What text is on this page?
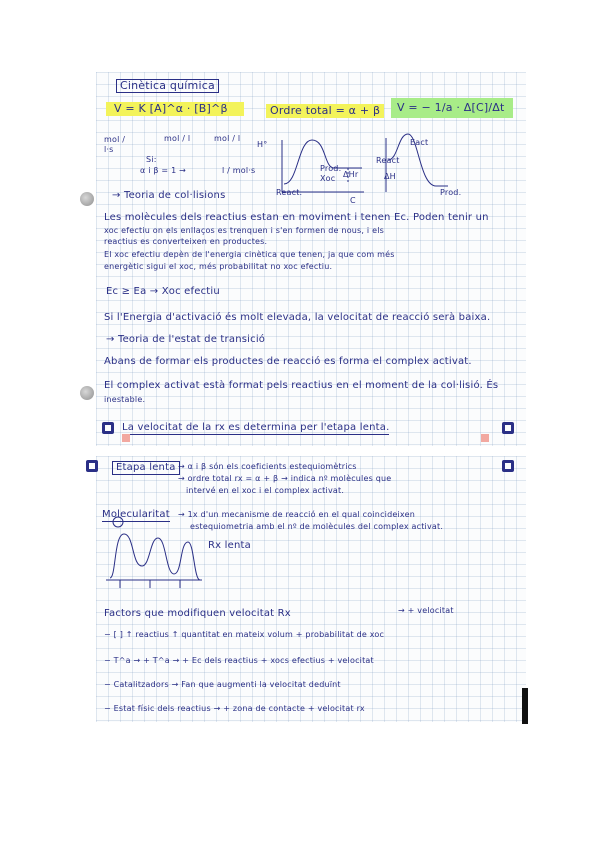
Cinètica química
V = K [A]^α · [B]^β	Ordre total = α + β	V = − 1/a · Δ[C]/Δt
mol / l·s
mol / l	mol / l
Si:
α i β = 1 →	l / mol·s
H°
Prod.
Xoc ΔHr
React.
C
Eact
React
ΔH
Prod.
→ Teoria de col·lisions
Les molècules dels reactius estan en moviment i tenen Ec. Poden tenir un
xoc efectiu on els enllaços es trenquen i s'en formen de nous, i els
reactius es converteixen en productes.
El xoc efectiu depèn de l'energia cinètica que tenen, ja que com més
energètic sigui el xoc, més probabilitat no xoc efectiu.
Ec ≥ Ea → Xoc efectiu
Si l'Energia d'activació és molt elevada, la velocitat de reacció serà baixa.
→ Teoria de l'estat de transició
Abans de formar els productes de reacció es forma el complex activat.
El complex activat està format pels reactius en el moment de la col·lisió. És
inestable.
La velocitat de la rx es determina per l'etapa lenta.
Etapa lenta → α i β són els coeficients estequiomètrics
→ ordre total rx = α + β → indica nº molècules que
intervé en el xoc i el complex activat.
Molecularitat → 1x d'un mecanisme de reacció en el qual coincideixen
estequiometria amb el nº de molècules del complex activat.
Rx lenta
Factors que modifiquen velocitat Rx	→ + velocitat
− [ ] ↑ reactius ↑ quantitat en mateix volum + probabilitat de xoc
− T^a → + T^a → + Ec dels reactius + xocs efectius + velocitat
− Catalitzadors → Fan que augmenti la velocitat deduïnt
− Estat físic dels reactius → + zona de contacte + velocitat rx
